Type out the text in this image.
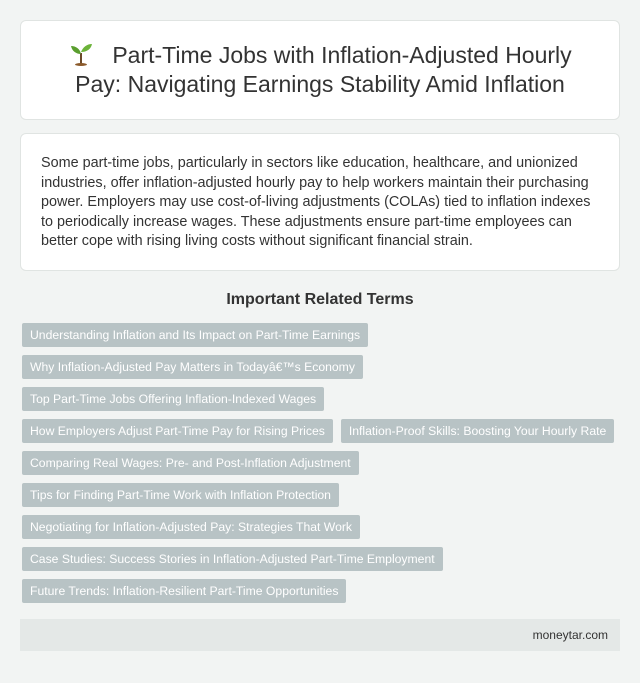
Part-Time Jobs with Inflation-Adjusted Hourly Pay: Navigating Earnings Stability Amid Inflation

Some part-time jobs, particularly in sectors like education, healthcare, and unionized industries, offer inflation-adjusted hourly pay to help workers maintain their purchasing power. Employers may use cost-of-living adjustments (COLAs) tied to inflation indexes to periodically increase wages. These adjustments ensure part-time employees can better cope with rising living costs without significant financial strain.

Important Related Terms
Understanding Inflation and Its Impact on Part-Time Earnings
Why Inflation-Adjusted Pay Matters in Todayâ€™s Economy
Top Part-Time Jobs Offering Inflation-Indexed Wages
How Employers Adjust Part-Time Pay for Rising Prices	Inflation-Proof Skills: Boosting Your Hourly Rate
Comparing Real Wages: Pre- and Post-Inflation Adjustment
Tips for Finding Part-Time Work with Inflation Protection
Negotiating for Inflation-Adjusted Pay: Strategies That Work
Case Studies: Success Stories in Inflation-Adjusted Part-Time Employment
Future Trends: Inflation-Resilient Part-Time Opportunities
moneytar.com
